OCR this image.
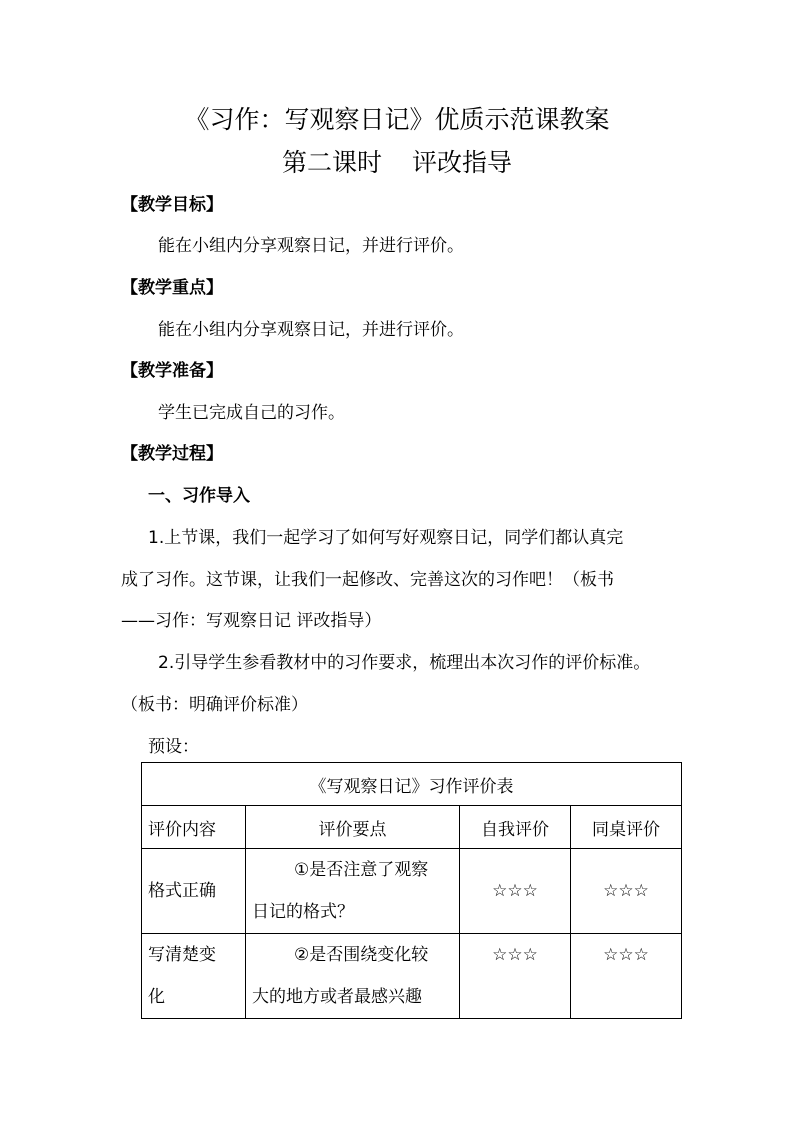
《习作：写观察日记》优质示范课教案
第二课时 评改指导
【教学目标】
能在小组内分享观察日记，并进行评价。
【教学重点】
能在小组内分享观察日记，并进行评价。
【教学准备】
学生已完成自己的习作。
【教学过程】
一、习作导入
1.上节课，我们一起学习了如何写好观察日记，同学们都认真完
成了习作。这节课，让我们一起修改、完善这次的习作吧！（板书
——习作：写观察日记 评改指导）
2.引导学生参看教材中的习作要求，梳理出本次习作的评价标准。
（板书：明确评价标准）
预设：
《写观察日记》习作评价表			
评价内容	评价要点	自我评价	同桌评价
格式正确	①是否注意了观察
日记的格式？	☆☆☆	☆☆☆
写清楚变
化	②是否围绕变化较
大的地方或者最感兴趣	☆☆☆	☆☆☆
